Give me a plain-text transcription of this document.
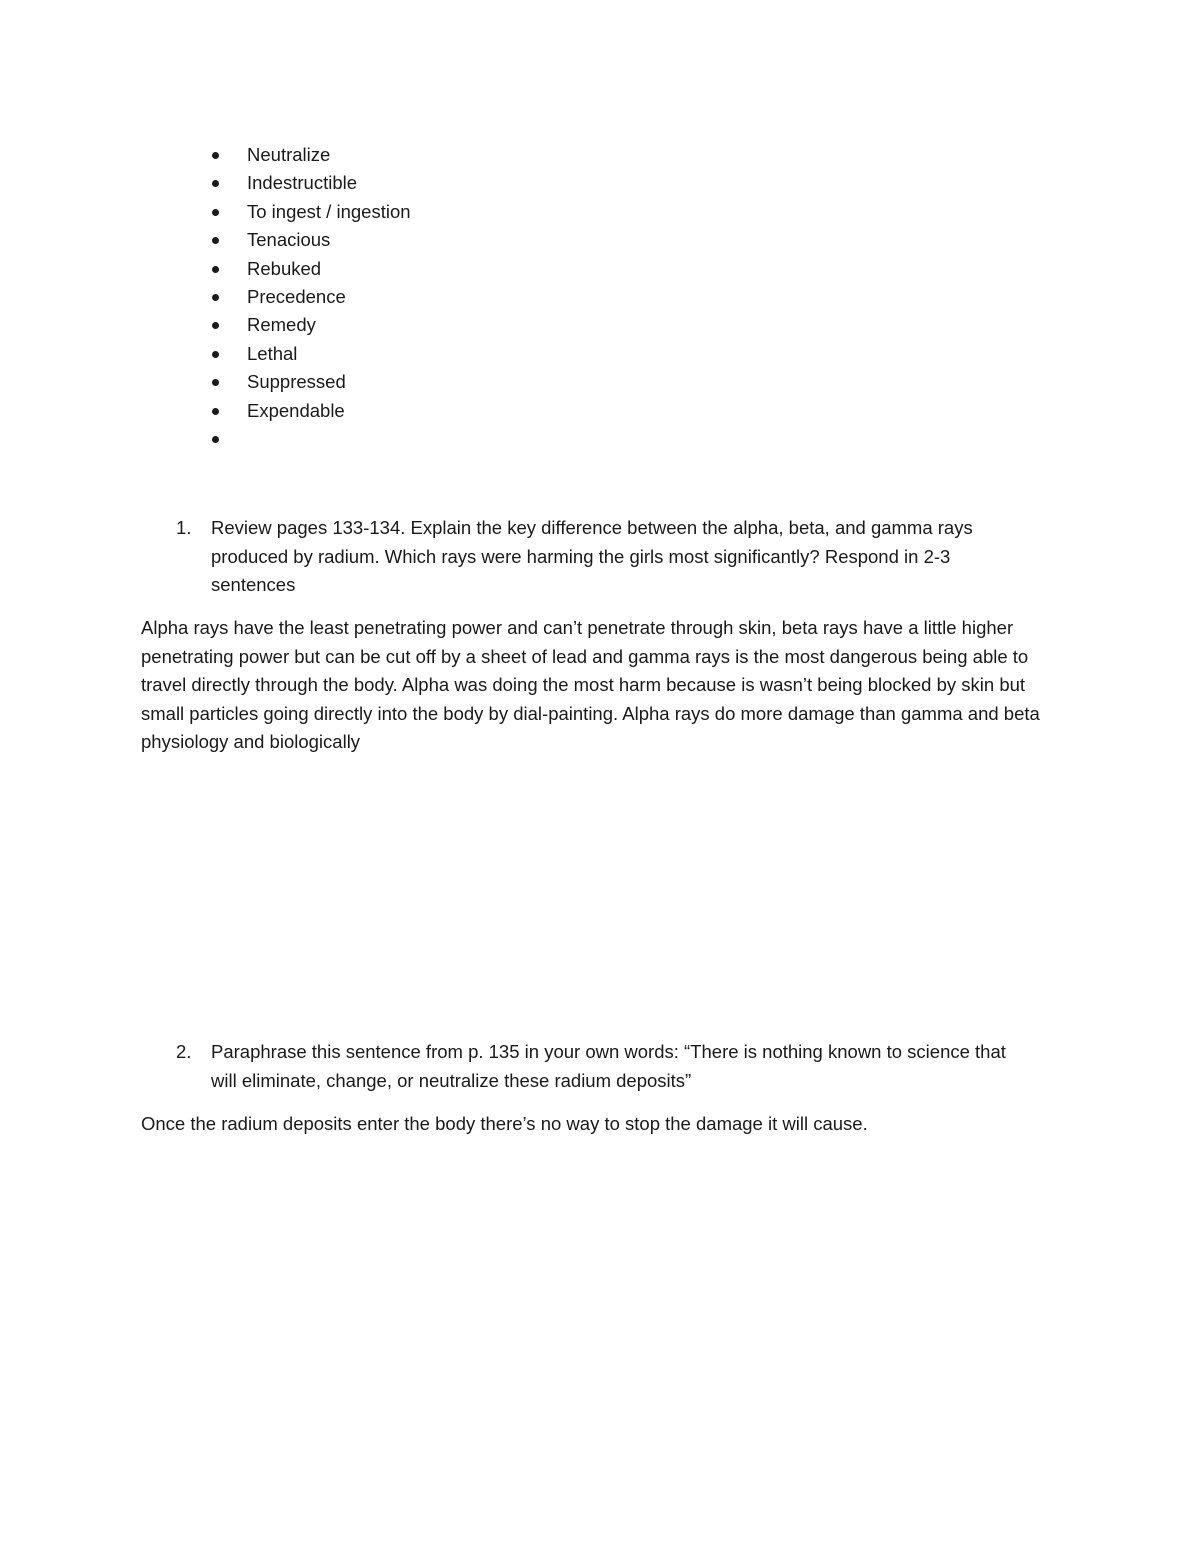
Neutralize
Indestructible
To ingest / ingestion
Tenacious
Rebuked
Precedence
Remedy
Lethal
Suppressed
Expendable
1. Review pages 133-134. Explain the key difference between the alpha, beta, and gamma rays produced by radium. Which rays were harming the girls most significantly? Respond in 2-3 sentences

Alpha rays have the least penetrating power and can’t penetrate through skin, beta rays have a little higher penetrating power but can be cut off by a sheet of lead and gamma rays is the most dangerous being able to travel directly through the body. Alpha was doing the most harm because is wasn’t being blocked by skin but small particles going directly into the body by dial-painting. Alpha rays do more damage than gamma and beta physiology and biologically

2. Paraphrase this sentence from p. 135 in your own words: “There is nothing known to science that will eliminate, change, or neutralize these radium deposits”

Once the radium deposits enter the body there’s no way to stop the damage it will cause.
